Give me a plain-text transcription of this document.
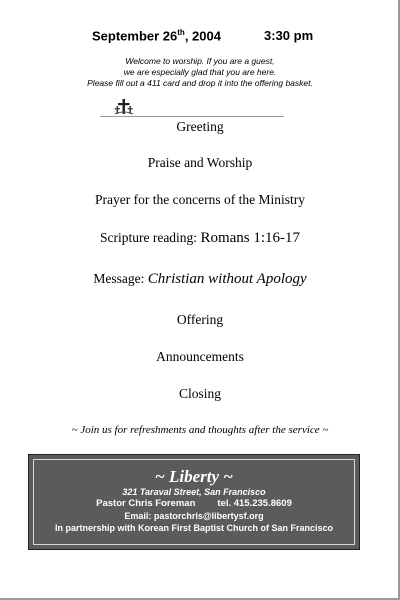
September 26th, 2004	3:30 pm
Welcome to worship. If you are a guest,
we are especially glad that you are here.
Please fill out a 411 card and drop it into the offering basket.
Greeting
Praise and Worship
Prayer for the concerns of the Ministry
Scripture reading: Romans 1:16-17
Message: Christian without Apology
Offering
Announcements
Closing
~ Join us for refreshments and thoughts after the service ~
~ Liberty ~
321 Taraval Street, San Francisco
Pastor Chris Foreman tel. 415.235.8609
Email: pastorchris@libertysf.org
In partnership with Korean First Baptist Church of San Francisco
